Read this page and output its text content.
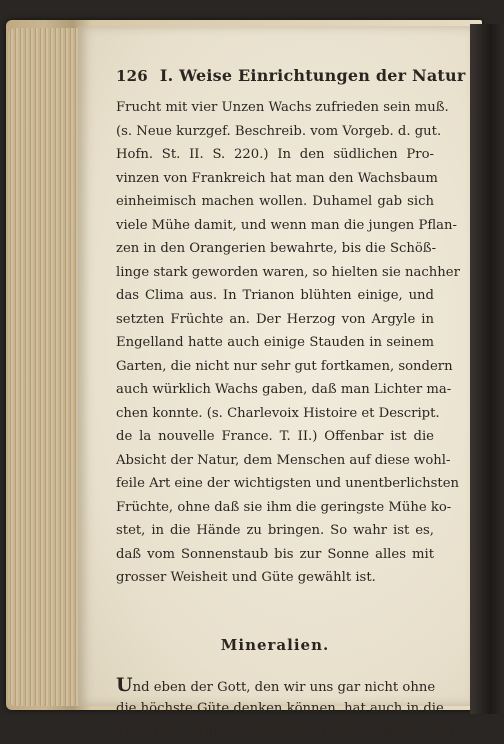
126 I. Weise Einrichtungen der Natur
Frucht mit vier Unzen Wachs zufrieden sein muß.
(s. Neue kurzgef. Beschreib. vom Vorgeb. d. gut.
Hofn. St. II. S. 220.) In den südlichen Pro-
vinzen von Frankreich hat man den Wachsbaum
einheimisch machen wollen. Duhamel gab sich
viele Mühe damit, und wenn man die jungen Pflan-
zen in den Orangerien bewahrte, bis die Schöß-
linge stark geworden waren, so hielten sie nachher
das Clima aus. In Trianon blühten einige, und
setzten Früchte an. Der Herzog von Argyle in
Engelland hatte auch einige Stauden in seinem
Garten, die nicht nur sehr gut fortkamen, sondern
auch würklich Wachs gaben, daß man Lichter ma-
chen konnte. (s. Charlevoix Histoire et Descript.
de la nouvelle France. T. II.) Offenbar ist die
Absicht der Natur, dem Menschen auf diese wohl-
feile Art eine der wichtigsten und unentberlichsten
Früchte, ohne daß sie ihm die geringste Mühe ko-
stet, in die Hände zu bringen. So wahr ist es,
daß vom Sonnenstaub bis zur Sonne alles mit
grosser Weisheit und Güte gewählt ist.
Mineralien.
Und eben der Gott, den wir uns gar nicht ohne
die höchste Güte denken können, hat auch in die
Tiefen der Erde unermeßliche Schätze gelegt. Von
